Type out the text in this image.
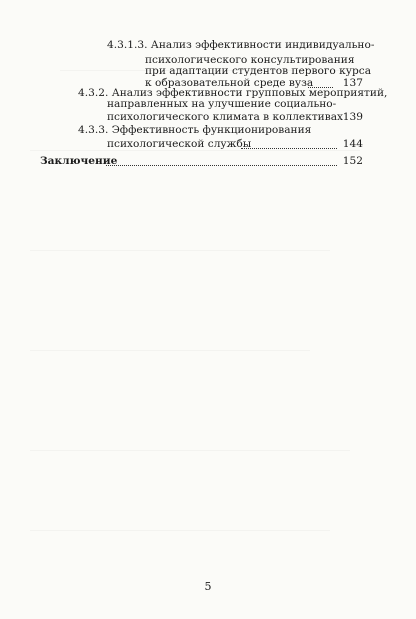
4.3.1.3. Анализ эффективности индивидуально-
психологического консультирования
при адаптации студентов первого курса
к образовательной среде вуза	137
4.3.2. Анализ эффективности групповых мероприятий,
направленных на улучшение социально-
психологического климата в коллективах 139
4.3.3. Эффективность функционирования
психологической службы	144
Заключение	152
5
